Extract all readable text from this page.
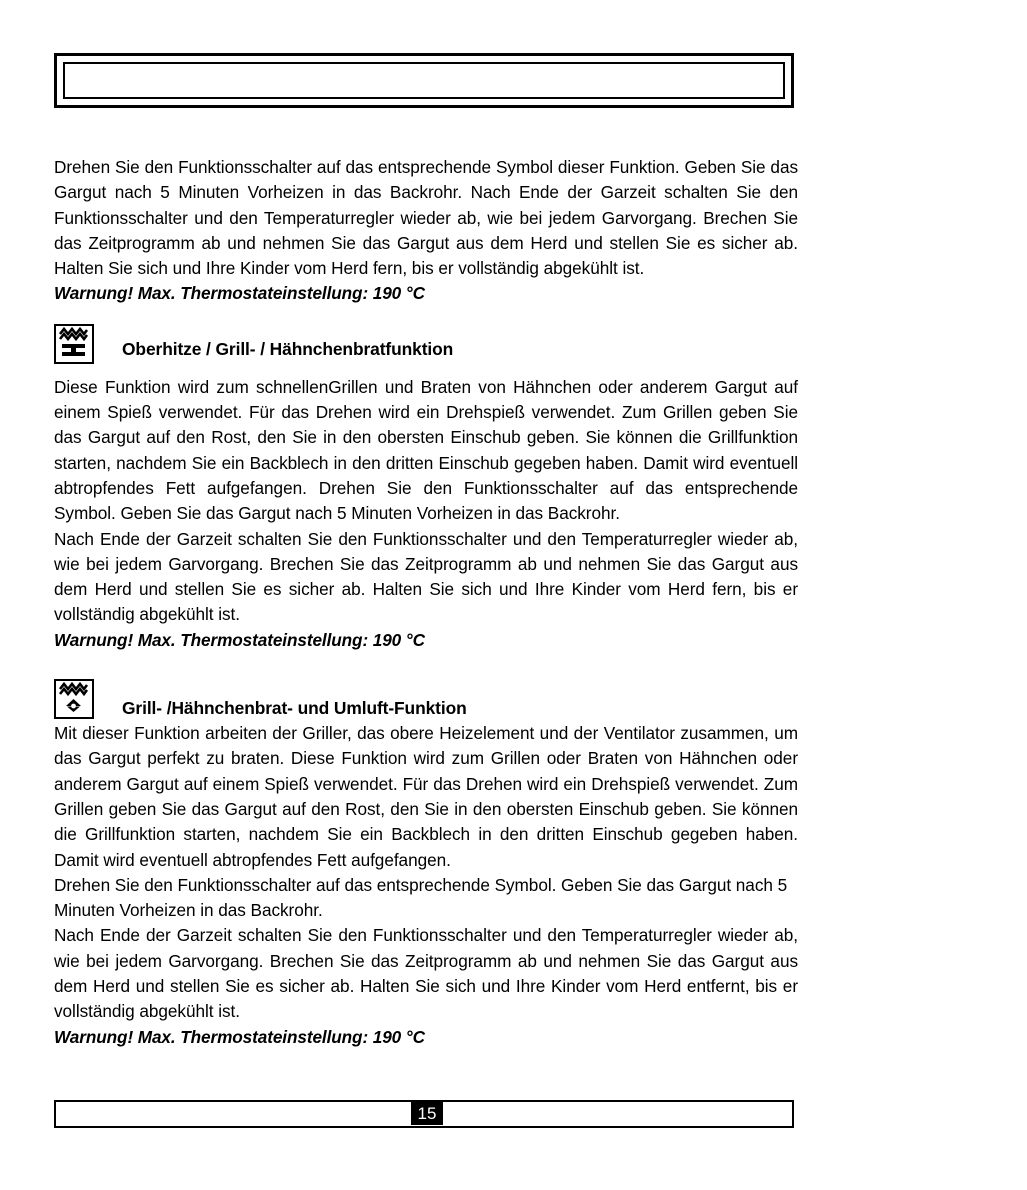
Drehen Sie den Funktionsschalter auf das entsprechende Symbol dieser Funktion. Geben Sie das Gargut nach 5 Minuten Vorheizen in das Backrohr. Nach Ende der Garzeit schalten Sie den Funktionsschalter und den Temperaturregler wieder ab, wie bei jedem Garvorgang. Brechen Sie das Zeitprogramm ab und nehmen Sie das Gargut aus dem Herd und stellen Sie es sicher ab. Halten Sie sich und Ihre Kinder vom Herd fern, bis er vollständig abgekühlt ist.

Warnung! Max. Thermostateinstellung: 190 °C

Oberhitze / Grill- / Hähnchenbratfunktion

Diese Funktion wird zum schnellenGrillen und Braten von Hähnchen oder anderem Gargut auf einem Spieß verwendet. Für das Drehen wird ein Drehspieß verwendet. Zum Grillen geben Sie das Gargut auf den Rost, den Sie in den obersten Einschub geben. Sie können die Grillfunktion starten, nachdem Sie ein Backblech in den dritten Einschub gegeben haben. Damit wird eventuell abtropfendes Fett aufgefangen. Drehen Sie den Funktionsschalter auf das entsprechende Symbol. Geben Sie das Gargut nach 5 Minuten Vorheizen in das Backrohr.

Nach Ende der Garzeit schalten Sie den Funktionsschalter und den Temperaturregler wieder ab, wie bei jedem Garvorgang. Brechen Sie das Zeitprogramm ab und nehmen Sie das Gargut aus dem Herd und stellen Sie es sicher ab. Halten Sie sich und Ihre Kinder vom Herd fern, bis er vollständig abgekühlt ist.

Warnung! Max. Thermostateinstellung: 190 °C

Grill- /Hähnchenbrat- und Umluft-Funktion

Mit dieser Funktion arbeiten der Griller, das obere Heizelement und der Ventilator zusammen, um das Gargut perfekt zu braten. Diese Funktion wird zum Grillen oder Braten von Hähnchen oder anderem Gargut auf einem Spieß verwendet. Für das Drehen wird ein Drehspieß verwendet. Zum Grillen geben Sie das Gargut auf den Rost, den Sie in den obersten Einschub geben. Sie können die Grillfunktion starten, nachdem Sie ein Backblech in den dritten Einschub gegeben haben. Damit wird eventuell abtropfendes Fett aufgefangen.

Drehen Sie den Funktionsschalter auf das entsprechende Symbol. Geben Sie das Gargut nach 5 Minuten Vorheizen in das Backrohr.

Nach Ende der Garzeit schalten Sie den Funktionsschalter und den Temperaturregler wieder ab, wie bei jedem Garvorgang. Brechen Sie das Zeitprogramm ab und nehmen Sie das Gargut aus dem Herd und stellen Sie es sicher ab. Halten Sie sich und Ihre Kinder vom Herd entfernt, bis er vollständig abgekühlt ist.

Warnung! Max. Thermostateinstellung: 190 °C

15
